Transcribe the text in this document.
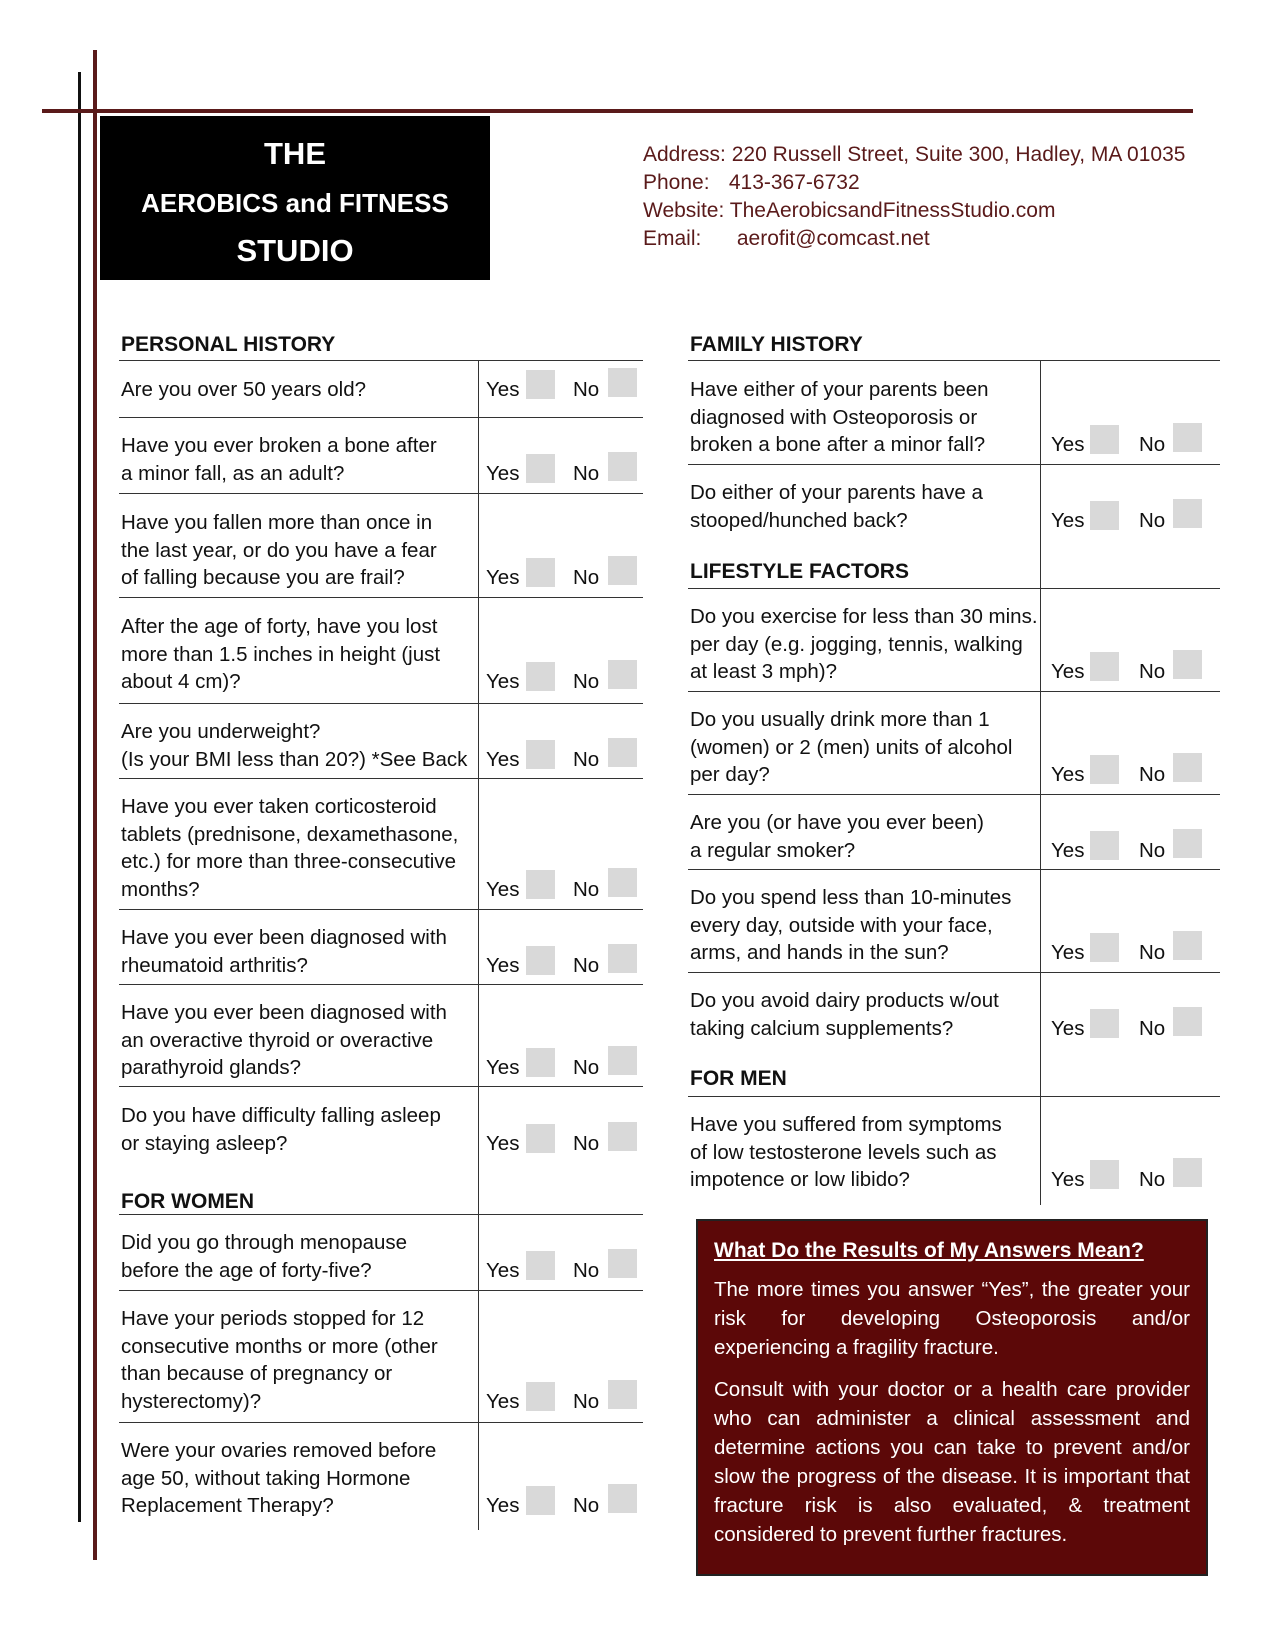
THE
AEROBICS and FITNESS
STUDIO
Address: 220 Russell Street, Suite 300, Hadley, MA 01035
Phone: 413-367-6732
Website: TheAerobicsandFitnessStudio.com
Email: aerofit@comcast.net
PERSONAL HISTORY
FOR WOMEN
FAMILY HISTORY
LIFESTYLE FACTORS
FOR MEN
Are you over 50 years old?	Yes	No
Have you ever broken a bone after
a minor fall, as an adult?	Yes	No
Have you fallen more than once in
the last year, or do you have a fear
of falling because you are frail?	Yes	No
After the age of forty, have you lost
more than 1.5 inches in height (just
about 4 cm)?	Yes	No
Are you underweight?
(Is your BMI less than 20?) *See Back Yes	No
Have you ever taken corticosteroid
tablets (prednisone, dexamethasone,
etc.) for more than three-consecutive
months?	Yes	No
Have you ever been diagnosed with
rheumatoid arthritis?	Yes	No
Have you ever been diagnosed with
an overactive thyroid or overactive
parathyroid glands?	Yes	No
Do you have difficulty falling asleep
or staying asleep?	Yes	No
Did you go through menopause
before the age of forty-five?	Yes	No
Have your periods stopped for 12
consecutive months or more (other
than because of pregnancy or
hysterectomy)?	Yes	No
Were your ovaries removed before
age 50, without taking Hormone
Replacement Therapy?	Yes	No
Have either of your parents been
diagnosed with Osteoporosis or
broken a bone after a minor fall?	Yes	No
Do either of your parents have a
stooped/hunched back?	Yes	No
Do you exercise for less than 30 mins.
per day (e.g. jogging, tennis, walking
at least 3 mph)?	Yes	No
Do you usually drink more than 1
(women) or 2 (men) units of alcohol
per day?	Yes	No
Are you (or have you ever been)
a regular smoker?	Yes	No
Do you spend less than 10-minutes
every day, outside with your face,
arms, and hands in the sun?	Yes	No
Do you avoid dairy products w/out
taking calcium supplements?	Yes	No
Have you suffered from symptoms
of low testosterone levels such as
impotence or low libido?	Yes	No
What Do the Results of My Answers Mean?

The more times you answer “Yes”, the greater your risk for developing Osteoporosis and/or experiencing a fragility fracture.

Consult with your doctor or a health care provider who can administer a clinical assessment and determine actions you can take to prevent and/or slow the progress of the disease. It is important that fracture risk is also evaluated, & treatment considered to prevent further fractures.
